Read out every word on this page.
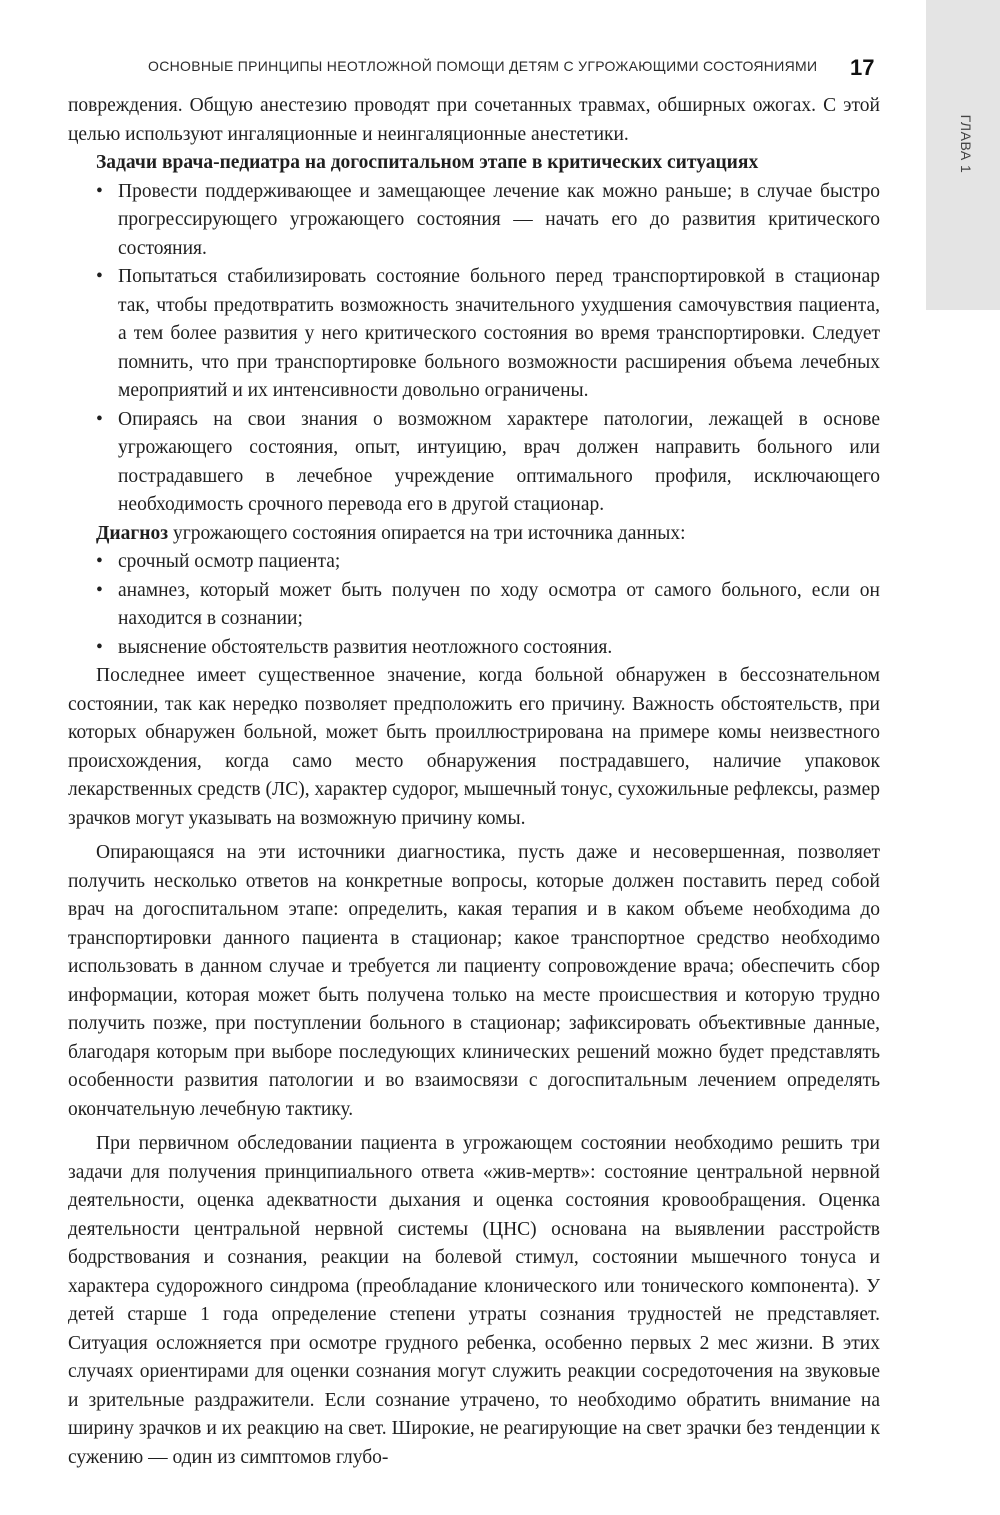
ОСНОВНЫЕ ПРИНЦИПЫ НЕОТЛОЖНОЙ ПОМОЩИ ДЕТЯМ С УГРОЖАЮЩИМИ СОСТОЯНИЯМИ	17
ГЛАВА 1

повреждения. Общую анестезию проводят при сочетанных травмах, обширных ожогах. С этой целью используют ингаляционные и неингаляционные анестетики.

Задачи врача-педиатра на догоспитальном этапе в критических ситуациях
• Провести поддерживающее и замещающее лечение как можно раньше; в случае быстро прогрессирующего угрожающего состояния — начать его до развития критического состояния.
• Попытаться стабилизировать состояние больного перед транспортировкой в стационар так, чтобы предотвратить возможность значительного ухудшения самочувствия пациента, а тем более развития у него критического состояния во время транспортировки. Следует помнить, что при транспортировке больного возможности расширения объема лечебных мероприятий и их интенсивности довольно ограничены.
• Опираясь на свои знания о возможном характере патологии, лежащей в основе угрожающего состояния, опыт, интуицию, врач должен направить больного или пострадавшего в лечебное учреждение оптимального профиля, исключающего необходимость срочного перевода его в другой стационар.

Диагноз угрожающего состояния опирается на три источника данных:

• срочный осмотр пациента;
• анамнез, который может быть получен по ходу осмотра от самого больного, если он находится в сознании;
• выяснение обстоятельств развития неотложного состояния.

Последнее имеет существенное значение, когда больной обнаружен в бессознательном состоянии, так как нередко позволяет предположить его причину. Важность обстоятельств, при которых обнаружен больной, может быть проиллюстрирована на примере комы неизвестного происхождения, когда само место обнаружения пострадавшего, наличие упаковок лекарственных средств (ЛС), характер судорог, мышечный тонус, сухожильные рефлексы, размер зрачков могут указывать на возможную причину комы.

Опирающаяся на эти источники диагностика, пусть даже и несовершенная, позволяет получить несколько ответов на конкретные вопросы, которые должен поставить перед собой врач на догоспитальном этапе: определить, какая терапия и в каком объеме необходима до транспортировки данного пациента в стационар; какое транспортное средство необходимо использовать в данном случае и требуется ли пациенту сопровождение врача; обеспечить сбор информации, которая может быть получена только на месте происшествия и которую трудно получить позже, при поступлении больного в стационар; зафиксировать объективные данные, благодаря которым при выборе последующих клинических решений можно будет представлять особенности развития патологии и во взаимосвязи с догоспитальным лечением определять окончательную лечебную тактику.

При первичном обследовании пациента в угрожающем состоянии необходимо решить три задачи для получения принципиального ответа «жив-мертв»: состояние центральной нервной деятельности, оценка адекватности дыхания и оценка состояния кровообращения. Оценка деятельности центральной нервной системы (ЦНС) основана на выявлении расстройств бодрствования и сознания, реакции на болевой стимул, состоянии мышечного тонуса и характера судорожного синдрома (преобладание клонического или тонического компонента). У детей старше 1 года определение степени утраты сознания трудностей не представляет. Ситуация осложняется при осмотре грудного ребенка, особенно первых 2 мес жизни. В этих случаях ориентирами для оценки сознания могут служить реакции сосредоточения на звуковые и зрительные раздражители. Если сознание утрачено, то необходимо обратить внимание на ширину зрачков и их реакцию на свет. Широкие, не реагирующие на свет зрачки без тенденции к сужению — один из симптомов глубо-
